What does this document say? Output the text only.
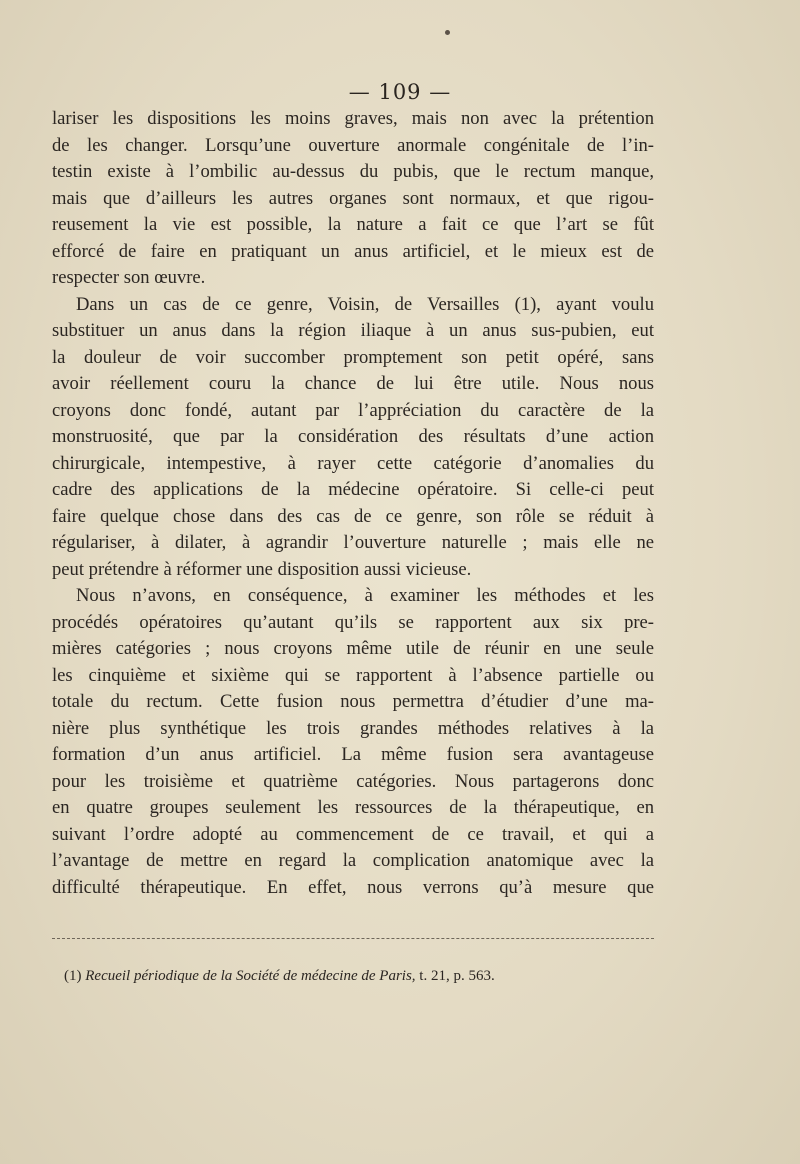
— 109 —
lariser les dispositions les moins graves, mais non avec la prétention
de les changer. Lorsqu’une ouverture anormale congénitale de l’in-
testin existe à l’ombilic au-dessus du pubis, que le rectum manque,
mais que d’ailleurs les autres organes sont normaux, et que rigou-
reusement la vie est possible, la nature a fait ce que l’art se fût
efforcé de faire en pratiquant un anus artificiel, et le mieux est de
respecter son œuvre.
Dans un cas de ce genre, Voisin, de Versailles (1), ayant voulu
substituer un anus dans la région iliaque à un anus sus-pubien, eut
la douleur de voir succomber promptement son petit opéré, sans
avoir réellement couru la chance de lui être utile. Nous nous
croyons donc fondé, autant par l’appréciation du caractère de la
monstruosité, que par la considération des résultats d’une action
chirurgicale, intempestive, à rayer cette catégorie d’anomalies du
cadre des applications de la médecine opératoire. Si celle-ci peut
faire quelque chose dans des cas de ce genre, son rôle se réduit à
régulariser, à dilater, à agrandir l’ouverture naturelle ; mais elle ne
peut prétendre à réformer une disposition aussi vicieuse.
Nous n’avons, en conséquence, à examiner les méthodes et les
procédés opératoires qu’autant qu’ils se rapportent aux six pre-
mières catégories ; nous croyons même utile de réunir en une seule
les cinquième et sixième qui se rapportent à l’absence partielle ou
totale du rectum. Cette fusion nous permettra d’étudier d’une ma-
nière plus synthétique les trois grandes méthodes relatives à la
formation d’un anus artificiel. La même fusion sera avantageuse
pour les troisième et quatrième catégories. Nous partagerons donc
en quatre groupes seulement les ressources de la thérapeutique, en
suivant l’ordre adopté au commencement de ce travail, et qui a
l’avantage de mettre en regard la complication anatomique avec la
difficulté thérapeutique. En effet, nous verrons qu’à mesure que
(1) Recueil périodique de la Société de médecine de Paris, t. 21, p. 563.
